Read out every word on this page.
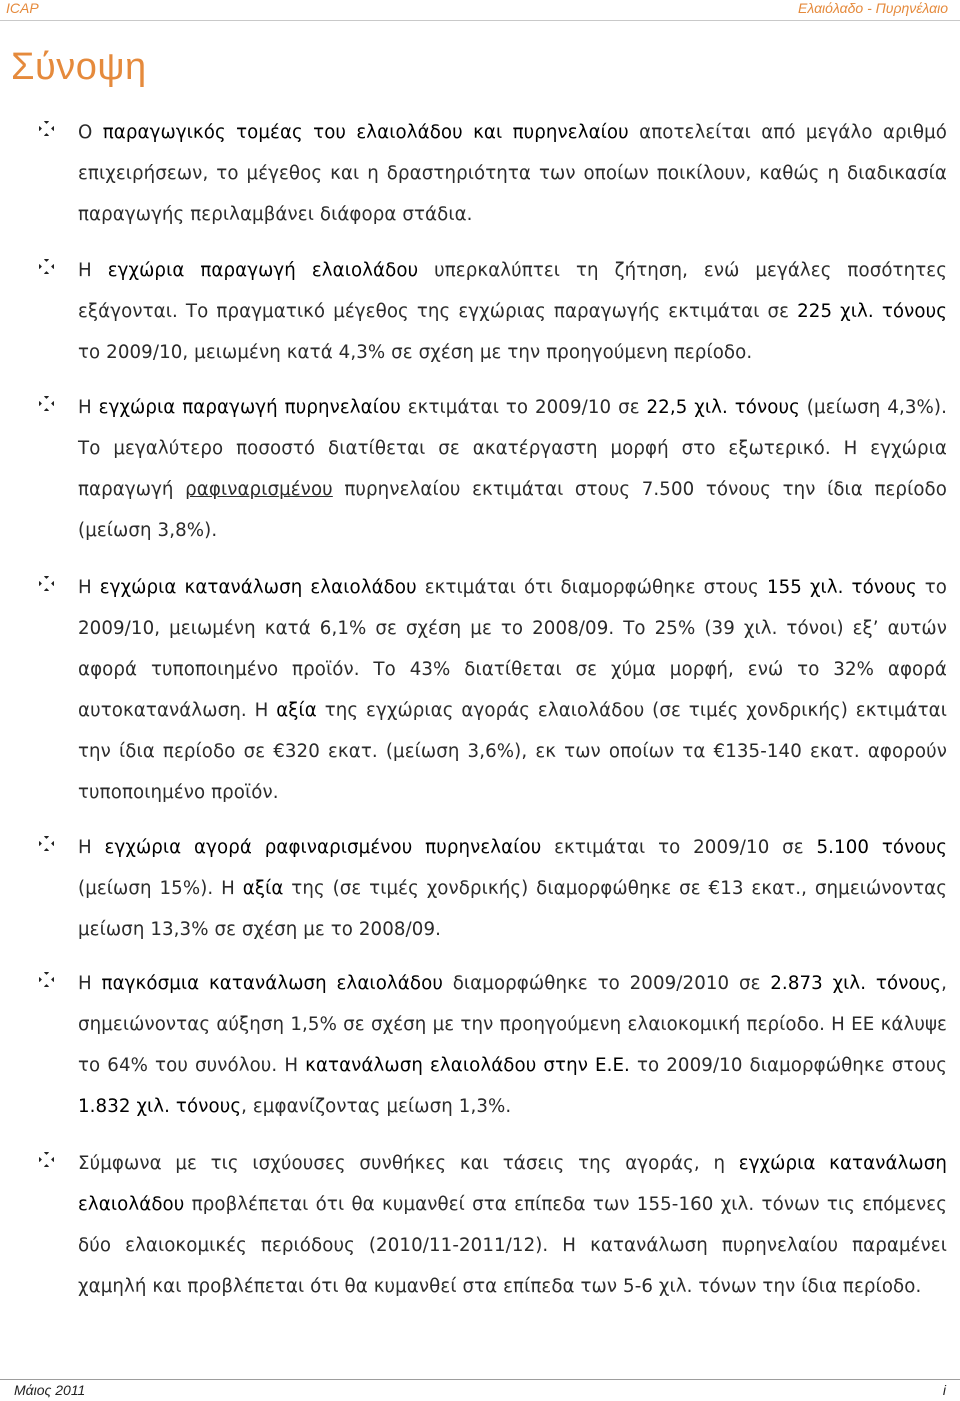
ICAP	Ελαιόλαδο - Πυρηνέλαιο
Σύνοψη
Ο παραγωγικός τομέας του ελαιολάδου και πυρηνελαίου αποτελείται από μεγάλο αριθμό επιχειρήσεων, το μέγεθος και η δραστηριότητα των οποίων ποικίλουν, καθώς η διαδικασία παραγωγής περιλαμβάνει διάφορα στάδια.
Η εγχώρια παραγωγή ελαιολάδου υπερκαλύπτει τη ζήτηση, ενώ μεγάλες ποσότητες εξάγονται. Το πραγματικό μέγεθος της εγχώριας παραγωγής εκτιμάται σε 225 χιλ. τόνους το 2009/10, μειωμένη κατά 4,3% σε σχέση με την προηγούμενη περίοδο.
Η εγχώρια παραγωγή πυρηνελαίου εκτιμάται το 2009/10 σε 22,5 χιλ. τόνους (μείωση 4,3%). Το μεγαλύτερο ποσοστό διατίθεται σε ακατέργαστη μορφή στο εξωτερικό. Η εγχώρια παραγωγή ραφιναρισμένου πυρηνελαίου εκτιμάται στους 7.500 τόνους την ίδια περίοδο (μείωση 3,8%).
Η εγχώρια κατανάλωση ελαιολάδου εκτιμάται ότι διαμορφώθηκε στους 155 χιλ. τόνους το 2009/10, μειωμένη κατά 6,1% σε σχέση με το 2008/09. Το 25% (39 χιλ. τόνοι) εξ’ αυτών αφορά τυποποιημένο προϊόν. Το 43% διατίθεται σε χύμα μορφή, ενώ το 32% αφορά αυτοκατανάλωση. Η αξία της εγχώριας αγοράς ελαιολάδου (σε τιμές χονδρικής) εκτιμάται την ίδια περίοδο σε €320 εκατ. (μείωση 3,6%), εκ των οποίων τα €135-140 εκατ. αφορούν τυποποιημένο προϊόν.
Η εγχώρια αγορά ραφιναρισμένου πυρηνελαίου εκτιμάται το 2009/10 σε 5.100 τόνους (μείωση 15%). Η αξία της (σε τιμές χονδρικής) διαμορφώθηκε σε €13 εκατ., σημειώνοντας μείωση 13,3% σε σχέση με το 2008/09.
Η παγκόσμια κατανάλωση ελαιολάδου διαμορφώθηκε το 2009/2010 σε 2.873 χιλ. τόνους, σημειώνοντας αύξηση 1,5% σε σχέση με την προηγούμενη ελαιοκομική περίοδο. Η ΕΕ κάλυψε το 64% του συνόλου. Η κατανάλωση ελαιολάδου στην Ε.Ε. το 2009/10 διαμορφώθηκε στους 1.832 χιλ. τόνους, εμφανίζοντας μείωση 1,3%.
Σύμφωνα με τις ισχύουσες συνθήκες και τάσεις της αγοράς, η εγχώρια κατανάλωση ελαιολάδου προβλέπεται ότι θα κυμανθεί στα επίπεδα των 155-160 χιλ. τόνων τις επόμενες δύο ελαιοκομικές περιόδους (2010/11-2011/12). Η κατανάλωση πυρηνελαίου παραμένει χαμηλή και προβλέπεται ότι θα κυμανθεί στα επίπεδα των 5-6 χιλ. τόνων την ίδια περίοδο.
Μάιος 2011	i
